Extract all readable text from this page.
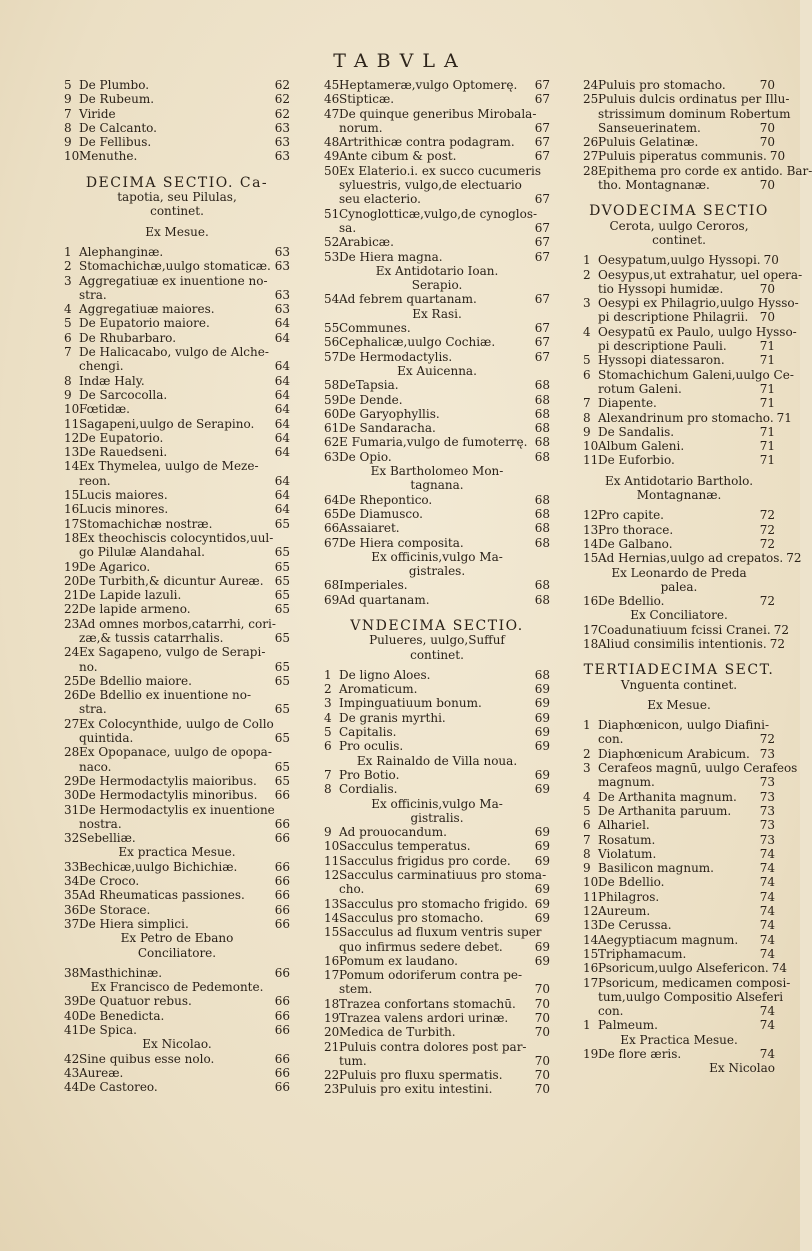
TABVLA
5 De Plumbo.	62
9 De Rubeum.	62
7 Viride	62
8 De Calcanto.	63
9 De Fellibus.	63
10 Menuthe.	63
DECIMA SECTIO. Ca-
tapotia, seu Pilulas,
continet.
Ex Mesue.
1 Alephanginæ.	63
2 Stomachichæ,uulgo stomaticæ. 63
3 Aggregatiuæ ex inuentione no-
stra.	63
4 Aggregatiuæ maiores.	63
5 De Eupatorio maiore.	64
6 De Rhubarbaro.	64
7 De Halicacabo, vulgo de Alche-
chengi.	64
8 Indæ Haly.	64
9 De Sarcocolla.	64
10 Fœtidæ.	64
11 Sagapeni,uulgo de Serapino.	64
12 De Eupatorio.	64
13 De Rauedseni.	64
14 Ex Thymelea, uulgo de Meze-
reon.	64
15 Lucis maiores.	64
16 Lucis minores.	64
17 Stomachichæ nostræ.	65
18 Ex theochiscis colocyntidos,uul-
go Pilulæ Alandahal.	65
19 De Agarico.	65
20 De Turbith,& dicuntur Aureæ. 65
21 De Lapide lazuli.	65
22 De lapide armeno.	65
23 Ad omnes morbos,catarrhi, cori-
zæ,& tussis catarrhalis.	65
24 Ex Sagapeno, vulgo de Serapi-
no.	65
25 De Bdellio maiore.	65
26 De Bdellio ex inuentione no-
stra.	65
27 Ex Colocynthide, uulgo de Collo
quintida.	65
28 Ex Opopanace, uulgo de opopa-
naco.	65
29 De Hermodactylis maioribus.	65
30 De Hermodactylis minoribus.	66
31 De Hermodactylis ex inuentione
nostra.	66
32 Sebelliæ.	66
Ex practica Mesue.
33 Bechicæ,uulgo Bichichiæ.	66
34 De Croco.	66
35 Ad Rheumaticas passiones.	66
36 De Storace.	66
37 De Hiera simplici.	66
Ex Petro de Ebano
Conciliatore.
38 Masthichinæ.	66
Ex Francisco de Pedemonte.
39 De Quatuor rebus.	66
40 De Benedicta.	66
41 De Spica.	66
Ex Nicolao.
42 Sine quibus esse nolo.	66
43 Aureæ.	66
44 De Castoreo.	66
45 Heptameræ,vulgo Optomerę.	67
46 Stipticæ.	67
47 De quinque generibus Mirobala-
norum.	67
48 Artrithicæ contra podagram.	67
49 Ante cibum & post.	67
50 Ex Elaterio.i. ex succo cucumeris
syluestris, vulgo,de electuario
seu elacterio.	67
51 Cynoglotticæ,vulgo,de cynoglos-
sa.	67
52 Arabicæ.	67
53 De Hiera magna.	67
Ex Antidotario Ioan.
Serapio.
54 Ad febrem quartanam.	67
Ex Rasi.
55 Communes.	67
56 Cephalicæ,uulgo Cochiæ.	67
57 De Hermodactylis.	67
Ex Auicenna.
58 DeTapsia.	68
59 De Dende.	68
60 De Garyophyllis.	68
61 De Sandaracha.	68
62 E Fumaria,vulgo de fumoterrę. 68
63 De Opio.	68
Ex Bartholomeo Mon-
tagnana.
64 De Rhepontico.	68
65 De Diamusco.	68
66 Assaiaret.	68
67 De Hiera composita.	68
Ex officinis,vulgo Ma-
gistrales.
68 Imperiales.	68
69 Ad quartanam.	68
VNDECIMA SECTIO.
Pulueres, uulgo,Suffuf
continet.
1 De ligno Aloes.	68
2 Aromaticum.	69
3 Impinguatiuum bonum.	69
4 De granis myrthi.	69
5 Capitalis.	69
6 Pro oculis.	69
Ex Rainaldo de Villa noua.
7 Pro Botio.	69
8 Cordialis.	69
Ex officinis,vulgo Ma-
gistralis.
9 Ad prouocandum.	69
10 Sacculus temperatus.	69
11 Sacculus frigidus pro corde.	69
12 Sacculus carminatiuus pro stoma-
cho.	69
13 Sacculus pro stomacho frigido. 69
14 Sacculus pro stomacho.	69
15 Sacculus ad fluxum ventris super
quo infirmus sedere debet.	69
16 Pomum ex laudano.	69
17 Pomum odoriferum contra pe-
stem.	70
18 Trazea confortans stomachū.	70
19 Trazea valens ardori urinæ.	70
20 Medica de Turbith.	70
21 Puluis contra dolores post par-
tum.	70
22 Puluis pro fluxu spermatis.	70
23 Puluis pro exitu intestini.	70
24 Puluis pro stomacho.	70
25 Puluis dulcis ordinatus per Illu-
strissimum dominum Robertum
Sanseuerinatem.	70
26 Puluis Gelatinæ.	70
27 Puluis piperatus communis. 70
28 Epithema pro corde ex antido. Bar-
tho. Montagnanæ.	70
DVODECIMA SECTIO
Cerota, uulgo Ceroros,
continet.
1 Oesypatum,uulgo Hyssopi. 70
2 Oesypus,ut extrahatur, uel opera-
tio Hyssopi humidæ.	70
3 Oesypi ex Philagrio,uulgo Hysso-
pi descriptione Philagrii. 70
4 Oesypatū ex Paulo, uulgo Hysso-
pi descriptione Pauli.	71
5 Hyssopi diatessaron.	71
6 Stomachichum Galeni,uulgo Ce-
rotum Galeni.	71
7 Diapente.	71
8 Alexandrinum pro stomacho. 71
9 De Sandalis.	71
10 Album Galeni.	71
11 De Euforbio.	71
Ex Antidotario Bartholo.
Montagnanæ.
12 Pro capite.	72
13 Pro thorace.	72
14 De Galbano.	72
15 Ad Hernias,uulgo ad crepatos. 72
Ex Leonardo de Preda
palea.
16 De Bdellio.	72
Ex Conciliatore.
17 Coadunatiuum fcissi Cranei. 72
18 Aliud consimilis intentionis. 72
TERTIADECIMA SECT.
Vnguenta continet.
Ex Mesue.
1 Diaphœnicon, uulgo Diafini-
con.	72
2 Diaphœnicum Arabicum. 73
3 Cerafeos magnū, uulgo Cerafeos
magnum.	73
4 De Arthanita magnum.	73
5 De Arthanita paruum.	73
6 Alhariel.	73
7 Rosatum.	73
8 Violatum.	74
9 Basilicon magnum.	74
10 De Bdellio.	74
11 Philagros.	74
12 Aureum.	74
13 De Cerussa.	74
14 Aegyptiacum magnum.	74
15 Triphamacum.	74
16 Psoricum,uulgo Alsefericon. 74
17 Psoricum, medicamen composi-
tum,uulgo Compositio Alseferi
con.	74
1 Palmeum.	74
Ex Practica Mesue.
19 De flore æris.	74
Ex Nicolao
